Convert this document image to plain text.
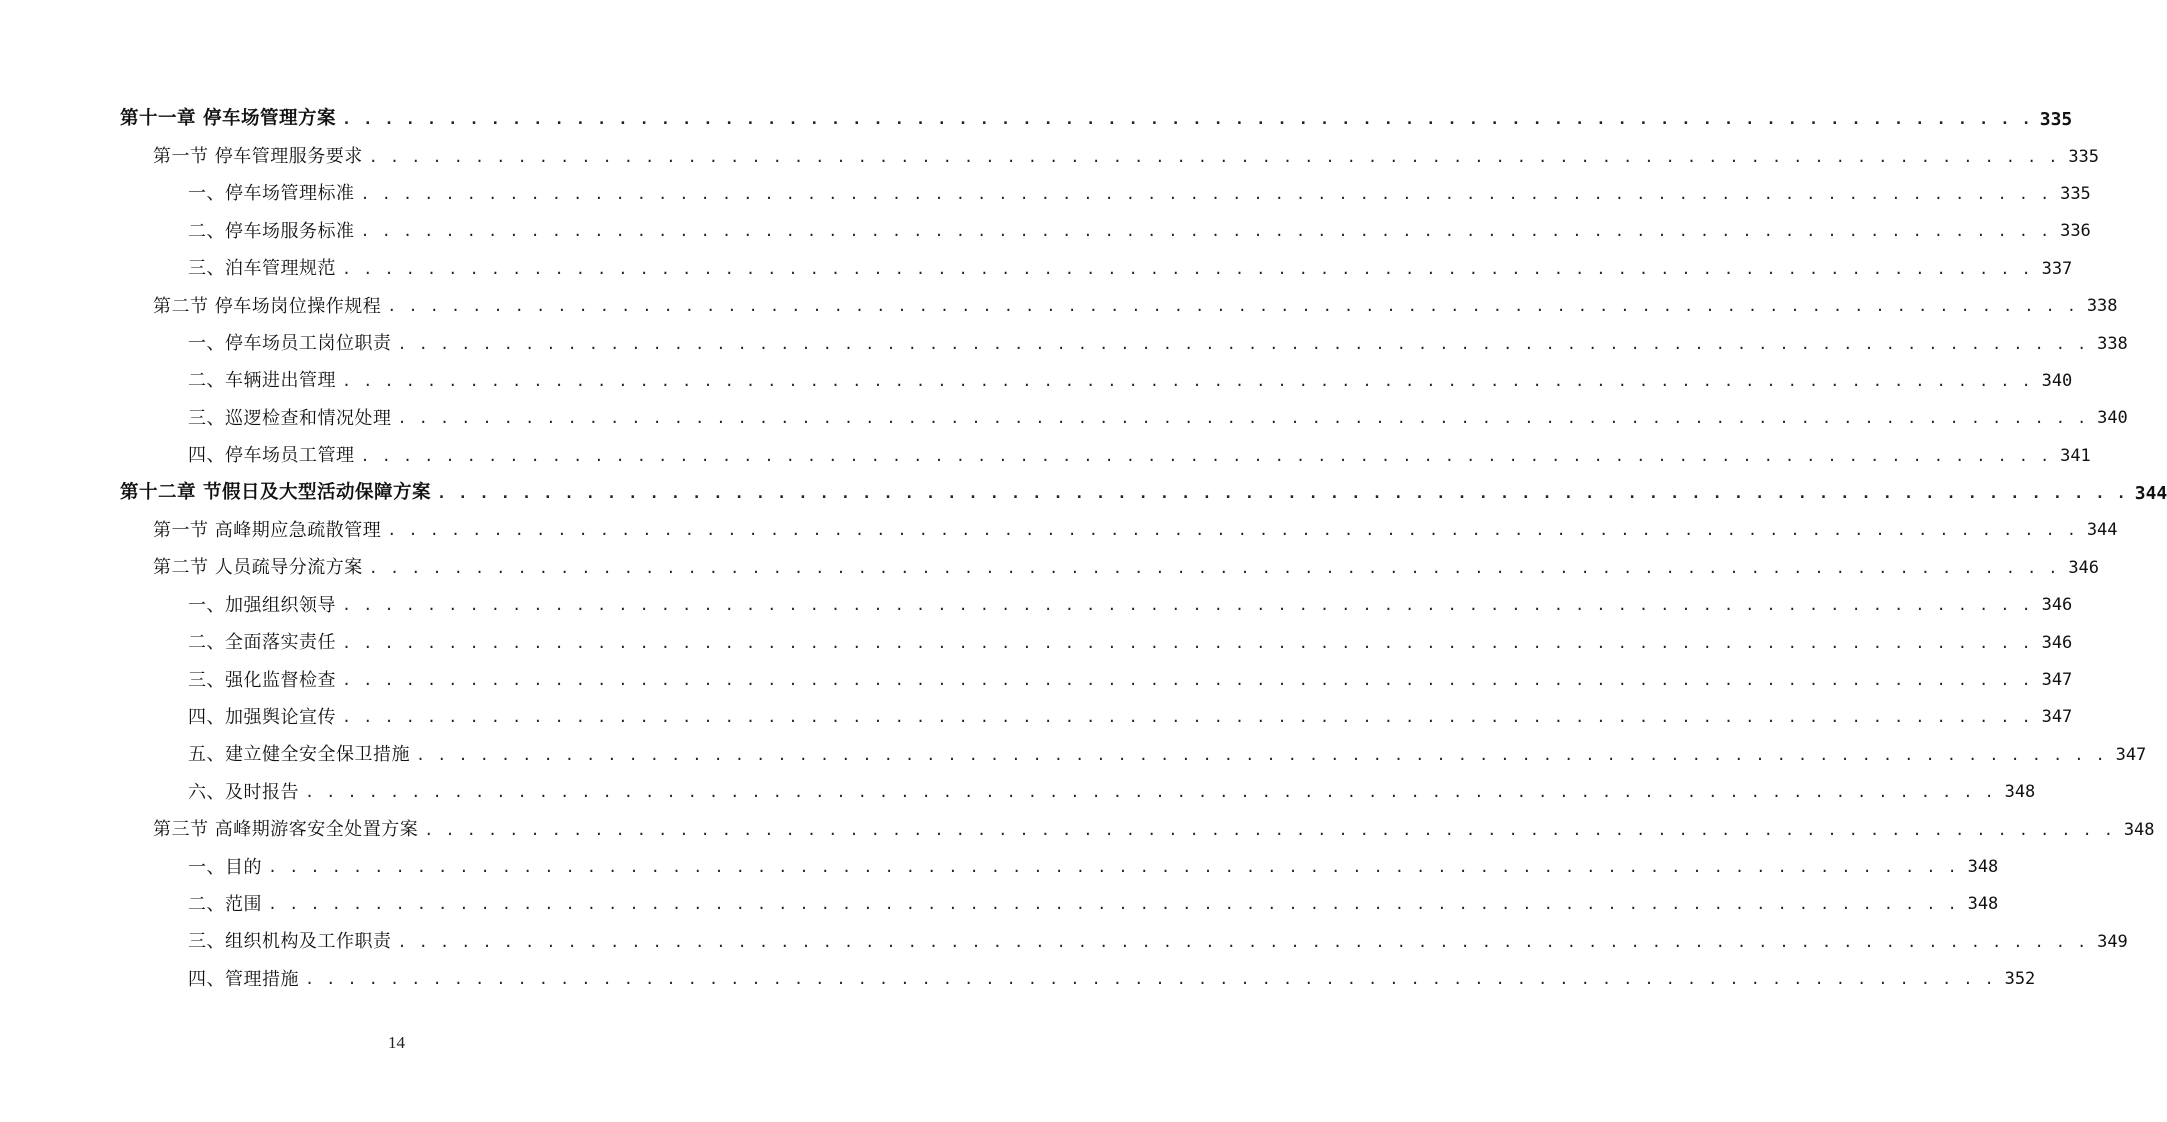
第十一章 停车场管理方案 . . . . . . . . . . . . . . . . . . . . . . . . . . . . . . . . . . . . . . . . . . . . . . . . . . . . . . . . . . . . . . . . . . . . . . . . . . . . . . . . 335
第一节 停车管理服务要求 . . . . . . . . . . . . . . . . . . . . . . . . . . . . . . . . . . . . . . . . . . . . . . . . . . . . . . . . . . . . . . . . . . . . . . . . . . . . . . . . 335
一、停车场管理标准 . . . . . . . . . . . . . . . . . . . . . . . . . . . . . . . . . . . . . . . . . . . . . . . . . . . . . . . . . . . . . . . . . . . . . . . . . . . . . . . . 335
二、停车场服务标准 . . . . . . . . . . . . . . . . . . . . . . . . . . . . . . . . . . . . . . . . . . . . . . . . . . . . . . . . . . . . . . . . . . . . . . . . . . . . . . . . 336
三、泊车管理规范 . . . . . . . . . . . . . . . . . . . . . . . . . . . . . . . . . . . . . . . . . . . . . . . . . . . . . . . . . . . . . . . . . . . . . . . . . . . . . . . . 337
第二节 停车场岗位操作规程 . . . . . . . . . . . . . . . . . . . . . . . . . . . . . . . . . . . . . . . . . . . . . . . . . . . . . . . . . . . . . . . . . . . . . . . . . . . . . . . . 338
一、停车场员工岗位职责 . . . . . . . . . . . . . . . . . . . . . . . . . . . . . . . . . . . . . . . . . . . . . . . . . . . . . . . . . . . . . . . . . . . . . . . . . . . . . . . . 338
二、车辆进出管理 . . . . . . . . . . . . . . . . . . . . . . . . . . . . . . . . . . . . . . . . . . . . . . . . . . . . . . . . . . . . . . . . . . . . . . . . . . . . . . . . 340
三、巡逻检查和情况处理 . . . . . . . . . . . . . . . . . . . . . . . . . . . . . . . . . . . . . . . . . . . . . . . . . . . . . . . . . . . . . . . . . . . . . . . . . . . . . . . . 340
四、停车场员工管理 . . . . . . . . . . . . . . . . . . . . . . . . . . . . . . . . . . . . . . . . . . . . . . . . . . . . . . . . . . . . . . . . . . . . . . . . . . . . . . . . 341
第十二章 节假日及大型活动保障方案 . . . . . . . . . . . . . . . . . . . . . . . . . . . . . . . . . . . . . . . . . . . . . . . . . . . . . . . . . . . . . . . . . . . . . . . . . . . . . . . . 344
第一节 高峰期应急疏散管理 . . . . . . . . . . . . . . . . . . . . . . . . . . . . . . . . . . . . . . . . . . . . . . . . . . . . . . . . . . . . . . . . . . . . . . . . . . . . . . . . 344
第二节 人员疏导分流方案 . . . . . . . . . . . . . . . . . . . . . . . . . . . . . . . . . . . . . . . . . . . . . . . . . . . . . . . . . . . . . . . . . . . . . . . . . . . . . . . . 346
一、加强组织领导 . . . . . . . . . . . . . . . . . . . . . . . . . . . . . . . . . . . . . . . . . . . . . . . . . . . . . . . . . . . . . . . . . . . . . . . . . . . . . . . . 346
二、全面落实责任 . . . . . . . . . . . . . . . . . . . . . . . . . . . . . . . . . . . . . . . . . . . . . . . . . . . . . . . . . . . . . . . . . . . . . . . . . . . . . . . . 346
三、强化监督检查 . . . . . . . . . . . . . . . . . . . . . . . . . . . . . . . . . . . . . . . . . . . . . . . . . . . . . . . . . . . . . . . . . . . . . . . . . . . . . . . . 347
四、加强舆论宣传 . . . . . . . . . . . . . . . . . . . . . . . . . . . . . . . . . . . . . . . . . . . . . . . . . . . . . . . . . . . . . . . . . . . . . . . . . . . . . . . . 347
五、建立健全安全保卫措施 . . . . . . . . . . . . . . . . . . . . . . . . . . . . . . . . . . . . . . . . . . . . . . . . . . . . . . . . . . . . . . . . . . . . . . . . . . . . . . . . 347
六、及时报告 . . . . . . . . . . . . . . . . . . . . . . . . . . . . . . . . . . . . . . . . . . . . . . . . . . . . . . . . . . . . . . . . . . . . . . . . . . . . . . . . 348
第三节 高峰期游客安全处置方案 . . . . . . . . . . . . . . . . . . . . . . . . . . . . . . . . . . . . . . . . . . . . . . . . . . . . . . . . . . . . . . . . . . . . . . . . . . . . . . . . 348
一、目的 . . . . . . . . . . . . . . . . . . . . . . . . . . . . . . . . . . . . . . . . . . . . . . . . . . . . . . . . . . . . . . . . . . . . . . . . . . . . . . . . 348
二、范围 . . . . . . . . . . . . . . . . . . . . . . . . . . . . . . . . . . . . . . . . . . . . . . . . . . . . . . . . . . . . . . . . . . . . . . . . . . . . . . . . 348
三、组织机构及工作职责 . . . . . . . . . . . . . . . . . . . . . . . . . . . . . . . . . . . . . . . . . . . . . . . . . . . . . . . . . . . . . . . . . . . . . . . . . . . . . . . . 349
四、管理措施 . . . . . . . . . . . . . . . . . . . . . . . . . . . . . . . . . . . . . . . . . . . . . . . . . . . . . . . . . . . . . . . . . . . . . . . . . . . . . . . . 352
14
